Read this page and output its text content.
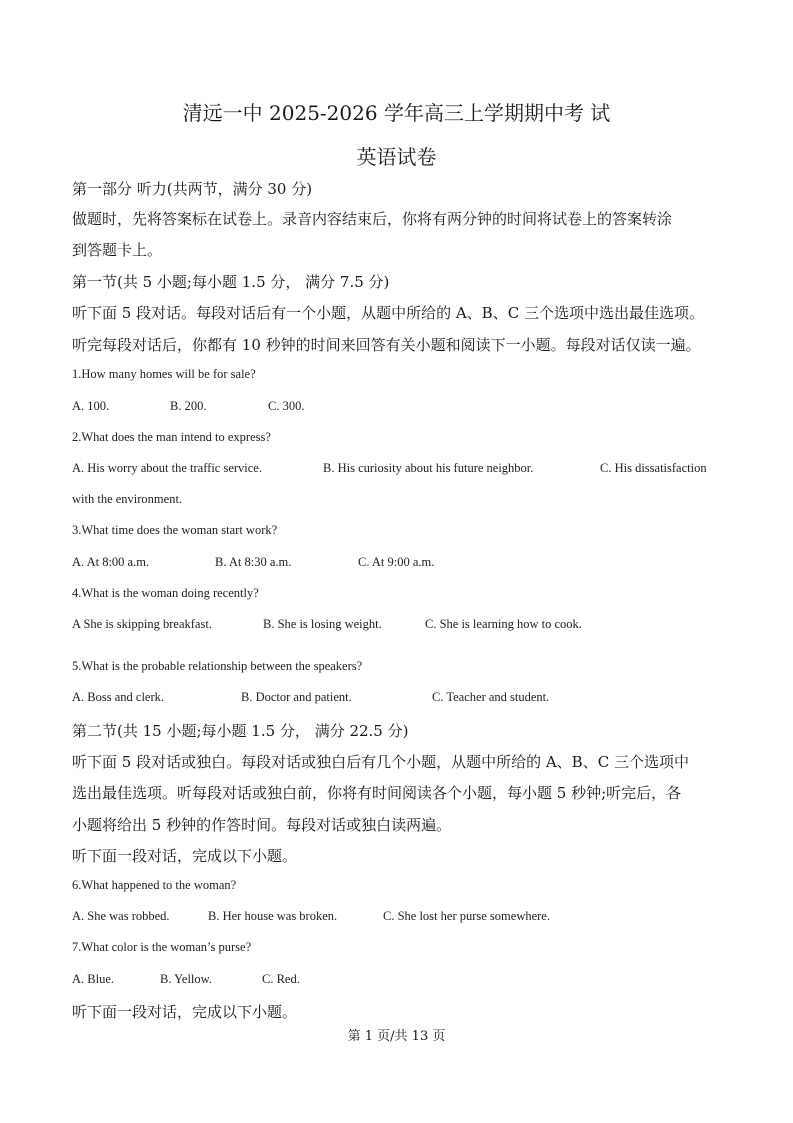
清远一中 2025-2026 学年高三上学期期中考 试
英语试卷
第一部分 听力(共两节，满分 30 分)
做题时，先将答案标在试卷上。录音内容结束后，你将有两分钟的时间将试卷上的答案转涂
到答题卡上。
第一节(共 5 小题;每小题 1.5 分， 满分 7.5 分)
听下面 5 段对话。每段对话后有一个小题，从题中所给的 A、B、C 三个选项中选出最佳选项。
听完每段对话后，你都有 10 秒钟的时间来回答有关小题和阅读下一小题。每段对话仅读一遍。
1.How many homes will be for sale?
A. 100.	B. 200.	C. 300.
2.What does the man intend to express?
A. His worry about the traffic service.	B. His curiosity about his future neighbor.	C. His dissatisfaction
with the environment.
3.What time does the woman start work?
A. At 8:00 a.m.	B. At 8:30 a.m.	C. At 9:00 a.m.
4.What is the woman doing recently?
A She is skipping breakfast.	B. She is losing weight.	C. She is learning how to cook.
5.What is the probable relationship between the speakers?
A. Boss and clerk.	B. Doctor and patient.	C. Teacher and student.
第二节(共 15 小题;每小题 1.5 分， 满分 22.5 分)
听下面 5 段对话或独白。每段对话或独白后有几个小题，从题中所给的 A、B、C 三个选项中
选出最佳选项。听每段对话或独白前，你将有时间阅读各个小题，每小题 5 秒钟;听完后，各
小题将给出 5 秒钟的作答时间。每段对话或独白读两遍。
听下面一段对话，完成以下小题。
6.What happened to the woman?
A. She was robbed.	B. Her house was broken.	C. She lost her purse somewhere.
7.What color is the woman’s purse?
A. Blue.	B. Yellow.	C. Red.
听下面一段对话，完成以下小题。
第 1 页/共 13 页
